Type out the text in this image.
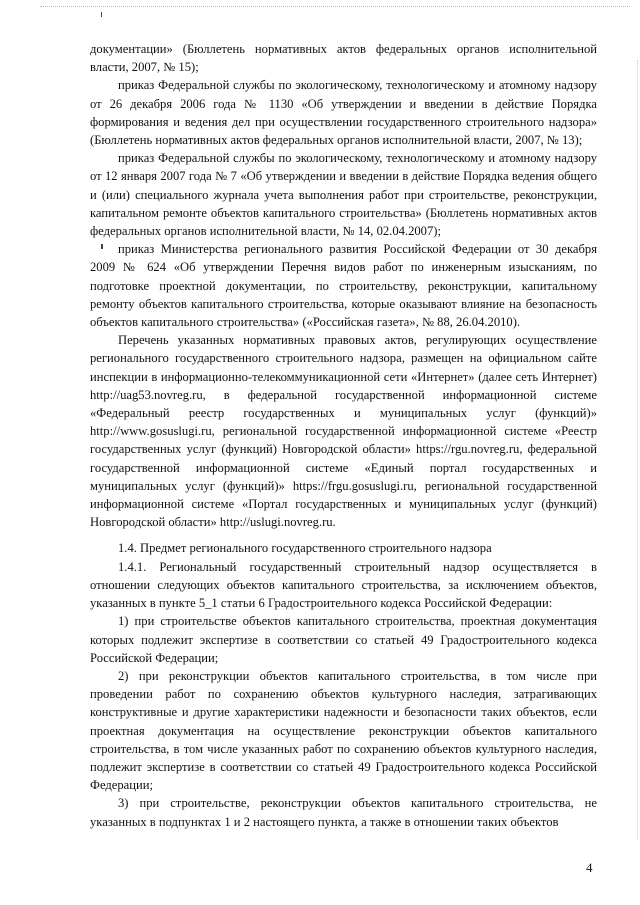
документации» (Бюллетень нормативных актов федеральных органов исполнительной власти, 2007, № 15);

приказ Федеральной службы по экологическому, технологическому и атомному надзору от 26 декабря 2006 года № 1130 «Об утверждении и введении в действие Порядка формирования и ведения дел при осуществлении государственного строительного надзора» (Бюллетень нормативных актов федеральных органов исполнительной власти, 2007, № 13);

приказ Федеральной службы по экологическому, технологическому и атомному надзору от 12 января 2007 года № 7 «Об утверждении и введении в действие Порядка ведения общего и (или) специального журнала учета выполнения работ при строительстве, реконструкции, капитальном ремонте объектов капитального строительства» (Бюллетень нормативных актов федеральных органов исполнительной власти, № 14, 02.04.2007);

приказ Министерства регионального развития Российской Федерации от 30 декабря 2009 № 624 «Об утверждении Перечня видов работ по инженерным изысканиям, по подготовке проектной документации, по строительству, реконструкции, капитальному ремонту объектов капитального строительства, которые оказывают влияние на безопасность объектов капитального строительства» («Российская газета», № 88, 26.04.2010).

Перечень указанных нормативных правовых актов, регулирующих осуществление регионального государственного строительного надзора, размещен на официальном сайте инспекции в информационно-телекоммуникационной сети «Интернет» (далее сеть Интернет) http://uag53.novreg.ru, в федеральной государственной информационной системе «Федеральный реестр государственных и муниципальных услуг (функций)» http://www.gosuslugi.ru, региональной государственной информационной системе «Реестр государственных услуг (функций) Новгородской области» https://rgu.novreg.ru, федеральной государственной информационной системе «Единый портал государственных и муниципальных услуг (функций)» https://frgu.gosuslugi.ru, региональной государственной информационной системе «Портал государственных и муниципальных услуг (функций) Новгородской области» http://uslugi.novreg.ru.

1.4. Предмет регионального государственного строительного надзора

1.4.1. Региональный государственный строительный надзор осуществляется в отношении следующих объектов капитального строительства, за исключением объектов, указанных в пункте 5_1 статьи 6 Градостроительного кодекса Российской Федерации:

1) при строительстве объектов капитального строительства, проектная документация которых подлежит экспертизе в соответствии со статьей 49 Градостроительного кодекса Российской Федерации;

2) при реконструкции объектов капитального строительства, в том числе при проведении работ по сохранению объектов культурного наследия, затрагивающих конструктивные и другие характеристики надежности и безопасности таких объектов, если проектная документация на осуществление реконструкции объектов капитального строительства, в том числе указанных работ по сохранению объектов культурного наследия, подлежит экспертизе в соответствии со статьей 49 Градостроительного кодекса Российской Федерации;

3) при строительстве, реконструкции объектов капитального строительства, не указанных в подпунктах 1 и 2 настоящего пункта, а также в отношении таких объектов

4
